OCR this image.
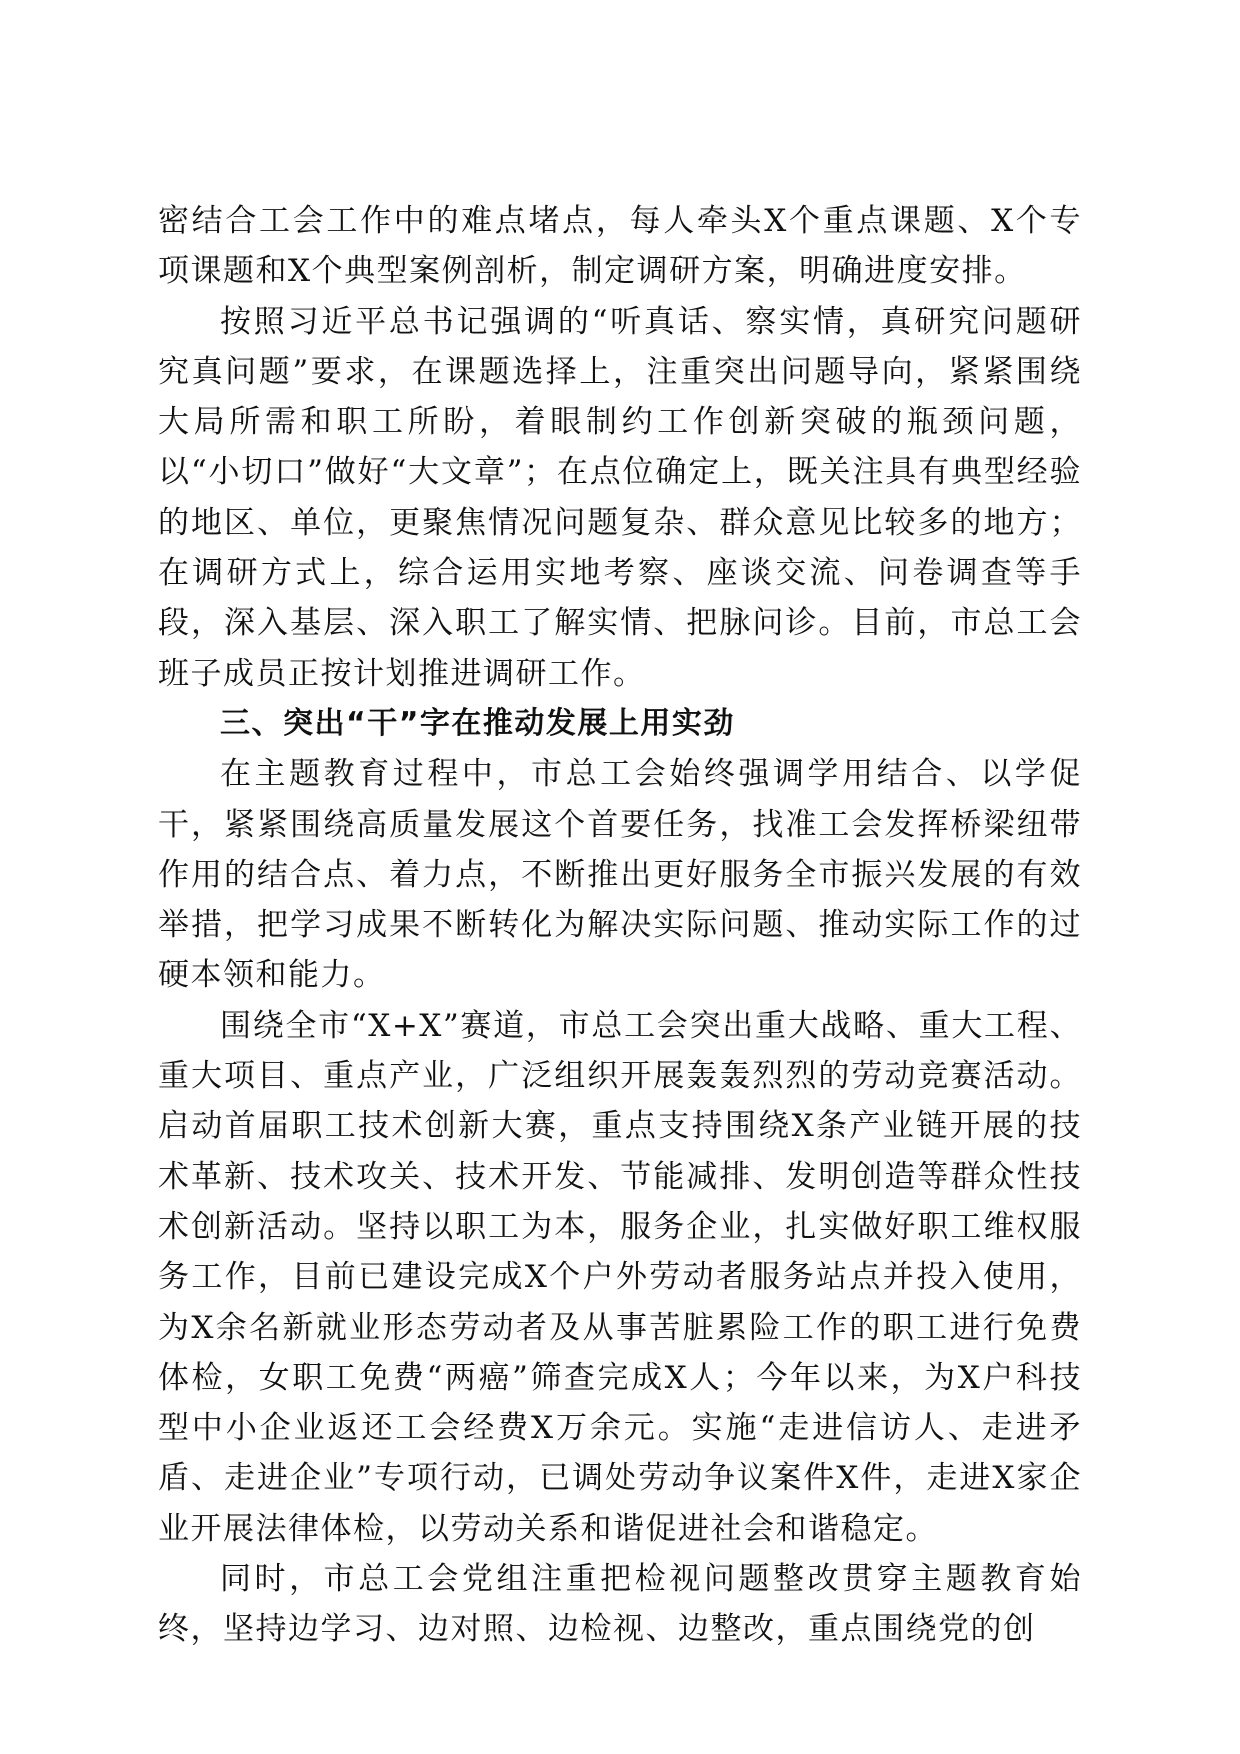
密结合工会工作中的难点堵点，每人牵头X个重点课题、X个专项课题和X个典型案例剖析，制定调研方案，明确进度安排。

按照习近平总书记强调的“听真话、察实情，真研究问题研究真问题”要求，在课题选择上，注重突出问题导向，紧紧围绕大局所需和职工所盼，着眼制约工作创新突破的瓶颈问题，以“小切口”做好“大文章”；在点位确定上，既关注具有典型经验的地区、单位，更聚焦情况问题复杂、群众意见比较多的地方；在调研方式上，综合运用实地考察、座谈交流、问卷调查等手段，深入基层、深入职工了解实情、把脉问诊。目前，市总工会班子成员正按计划推进调研工作。

三、突出“干”字在推动发展上用实劲

在主题教育过程中，市总工会始终强调学用结合、以学促干，紧紧围绕高质量发展这个首要任务，找准工会发挥桥梁纽带作用的结合点、着力点，不断推出更好服务全市振兴发展的有效举措，把学习成果不断转化为解决实际问题、推动实际工作的过硬本领和能力。

围绕全市“X+X”赛道，市总工会突出重大战略、重大工程、重大项目、重点产业，广泛组织开展轰轰烈烈的劳动竞赛活动。启动首届职工技术创新大赛，重点支持围绕X条产业链开展的技术革新、技术攻关、技术开发、节能减排、发明创造等群众性技术创新活动。坚持以职工为本，服务企业，扎实做好职工维权服务工作，目前已建设完成X个户外劳动者服务站点并投入使用，为X余名新就业形态劳动者及从事苦脏累险工作的职工进行免费体检，女职工免费“两癌”筛查完成X人；今年以来，为X户科技型中小企业返还工会经费X万余元。实施“走进信访人、走进矛盾、走进企业”专项行动，已调处劳动争议案件X件，走进X家企业开展法律体检，以劳动关系和谐促进社会和谐稳定。

同时，市总工会党组注重把检视问题整改贯穿主题教育始终，坚持边学习、边对照、边检视、边整改，重点围绕党的创
